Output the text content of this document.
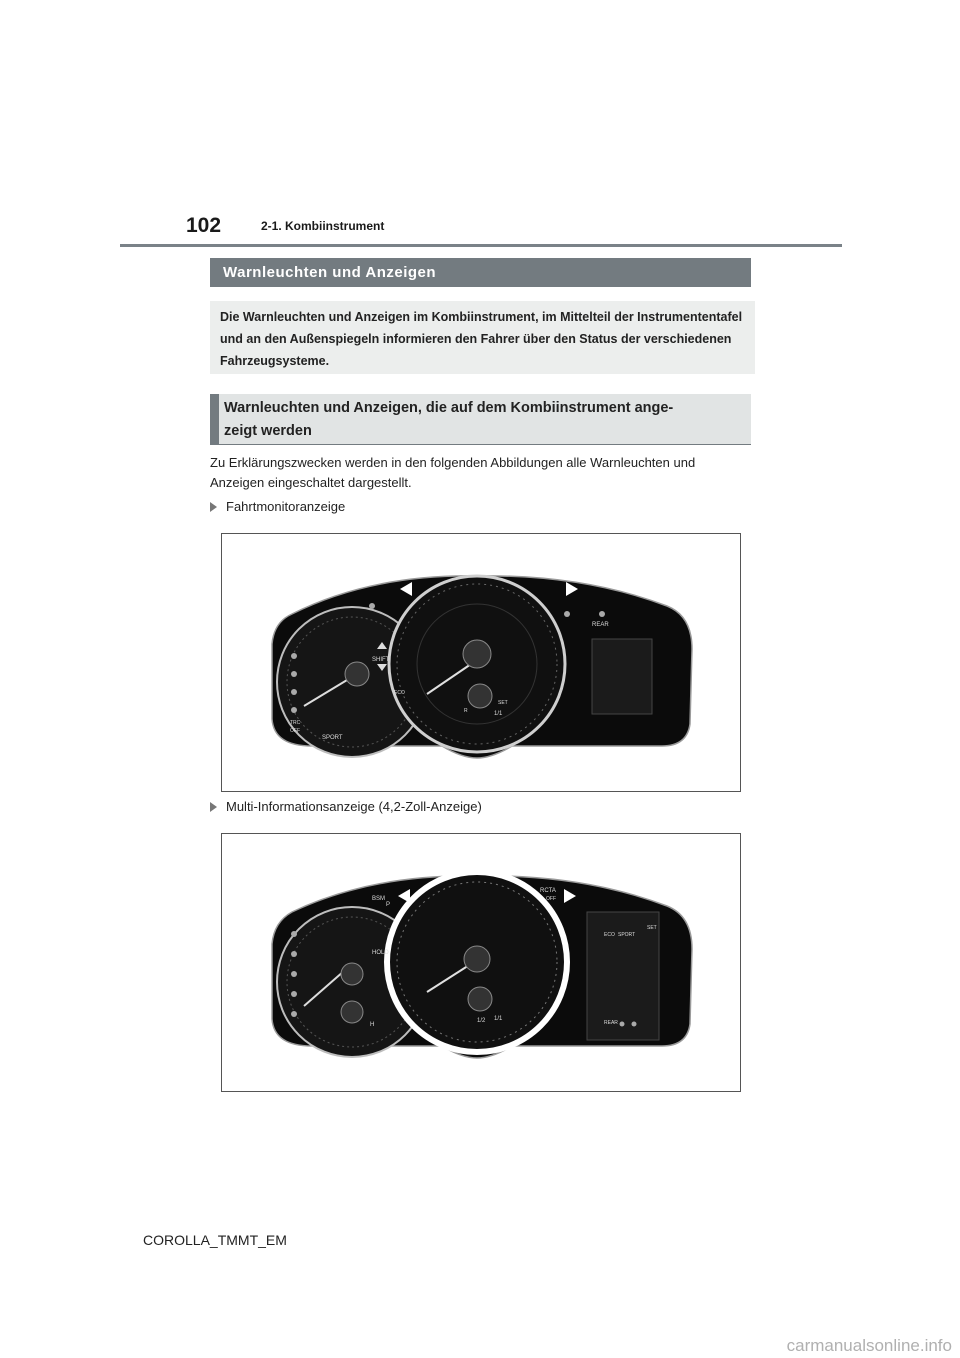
102	2-1. Kombiinstrument
Warnleuchten und Anzeigen
Die Warnleuchten und Anzeigen im Kombiinstrument, im Mittelteil der Instrumententafel und an den Außenspiegeln informieren den Fahrer über den Status der verschiedenen Fahrzeugsysteme.
Warnleuchten und Anzeigen, die auf dem Kombiinstrument ange-
zeigt werden
Zu Erklärungszwecken werden in den folgenden Abbildungen alle Warnleuchten und Anzeigen eingeschaltet dargestellt.
Fahrtmonitoranzeige
SHIFT
REAR
SPORT
TRC
OFF
SET
R	1/1
ECO
Multi-Informationsanzeige (4,2-Zoll-Anzeige)
BSM
RCTA
OFF
HOLD
SET
REAR
ECO SPORT
1/2 1/1
H
P
COROLLA_TMMT_EM
carmanualsonline.info
